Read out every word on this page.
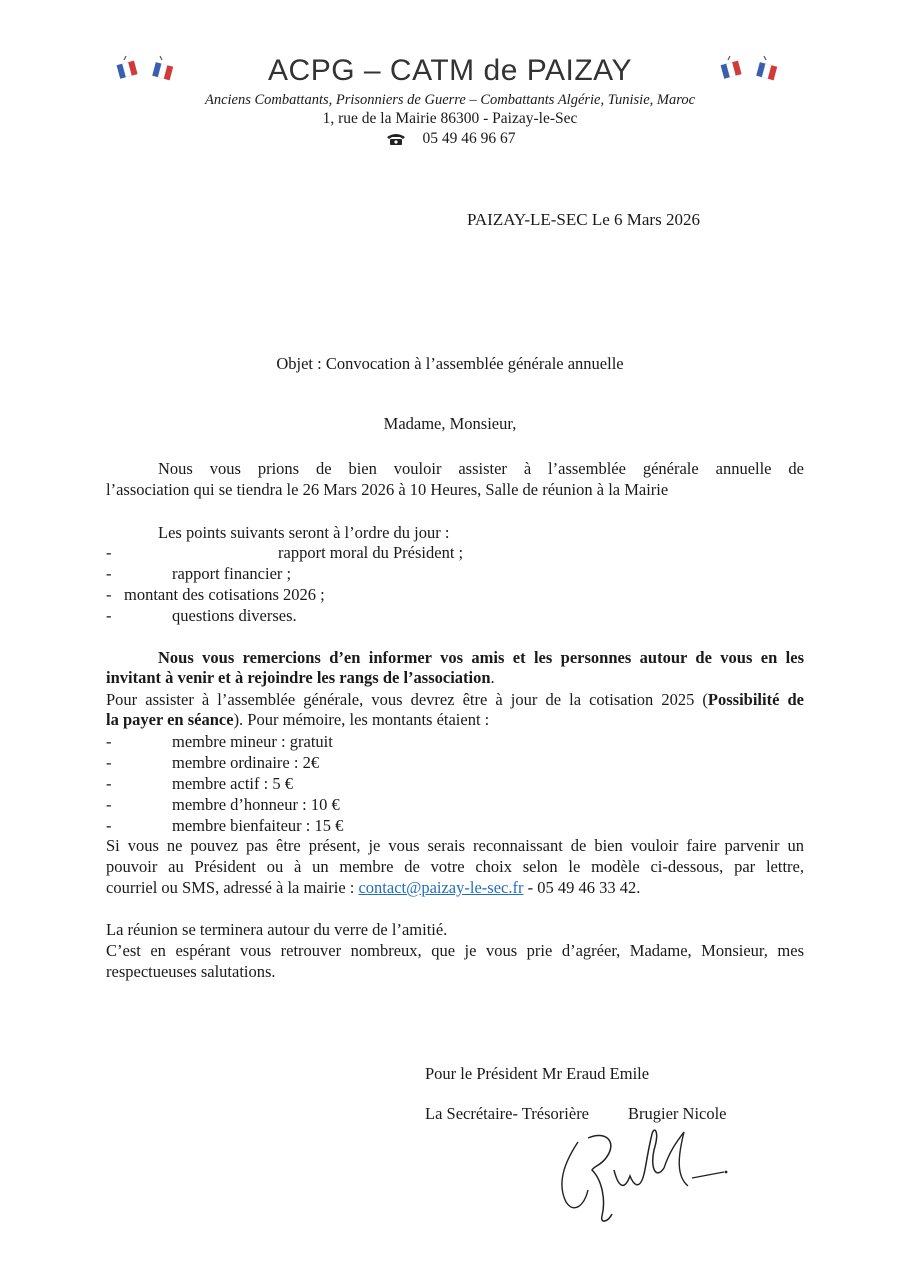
ACPG – CATM de PAIZAY
Anciens Combattants, Prisonniers de Guerre – Combattants Algérie, Tunisie, Maroc
1, rue de la Mairie 86300 - Paizay-le-Sec
05 49 46 96 67
PAIZAY-LE-SEC Le 6 Mars 2026
Objet : Convocation à l’assemblée générale annuelle
Madame, Monsieur,
Nous vous prions de bien vouloir assister à l’assemblée générale annuelle de
l’association qui se tiendra le 26 Mars 2026 à 10 Heures, Salle de réunion à la Mairie
Les points suivants seront à l’ordre du jour :
-	rapport moral du Président ;
-	rapport financier ;
- montant des cotisations 2026 ;
-	questions diverses.
Nous vous remercions d’en informer vos amis et les personnes autour de vous en les
invitant à venir et à rejoindre les rangs de l’association.
Pour assister à l’assemblée générale, vous devrez être à jour de la cotisation 2025 (Possibilité de
la payer en séance). Pour mémoire, les montants étaient :
-	membre mineur : gratuit
-	membre ordinaire : 2€
-	membre actif : 5 €
-	membre d’honneur : 10 €
-	membre bienfaiteur : 15 €
Si vous ne pouvez pas être présent, je vous serais reconnaissant de bien vouloir faire parvenir un
pouvoir au Président ou à un membre de votre choix selon le modèle ci-dessous, par lettre,
courriel ou SMS, adressé à la mairie : contact@paizay-le-sec.fr - 05 49 46 33 42.
La réunion se terminera autour du verre de l’amitié.
C’est en espérant vous retrouver nombreux, que je vous prie d’agréer, Madame, Monsieur, mes
respectueuses salutations.
Pour le Président Mr Eraud Emile
La Secrétaire- Trésorière Brugier Nicole
